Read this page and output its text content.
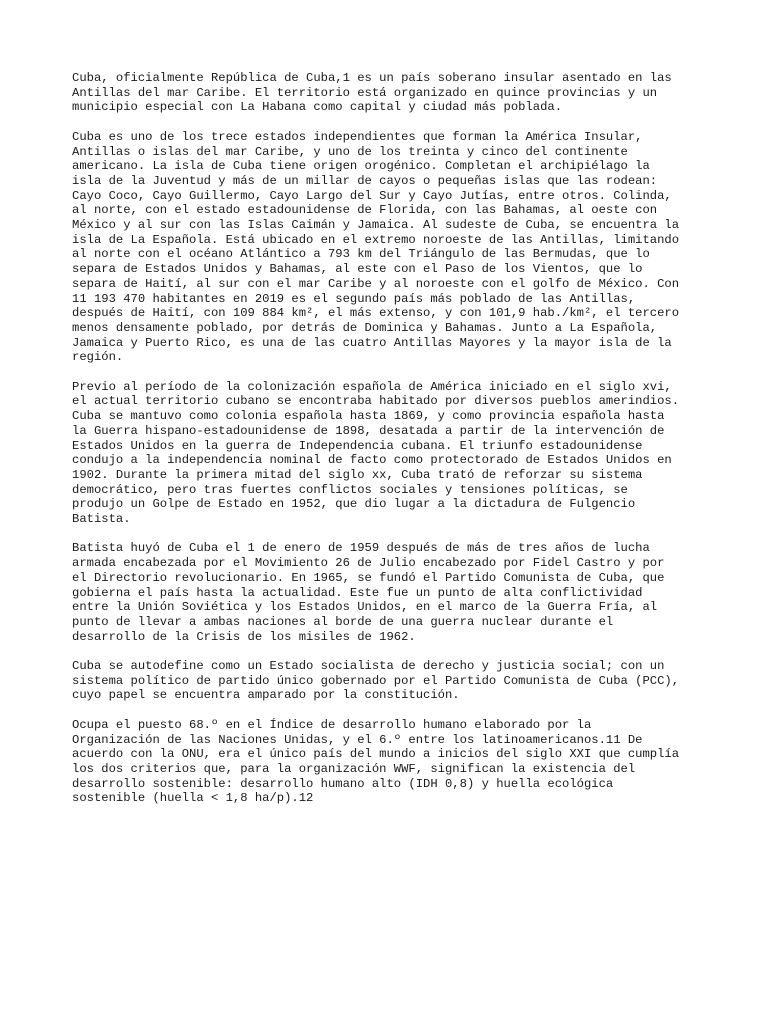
Cuba, oficialmente República de Cuba,1 es un país soberano insular asentado en las
Antillas del mar Caribe. El territorio está organizado en quince provincias y un
municipio especial con La Habana como capital y ciudad más poblada.

Cuba es uno de los trece estados independientes que forman la América Insular,
Antillas o islas del mar Caribe, y uno de los treinta y cinco del continente
americano. La isla de Cuba tiene origen orogénico. Completan el archipiélago la
isla de la Juventud y más de un millar de cayos o pequeñas islas que las rodean:
Cayo Coco, Cayo Guillermo, Cayo Largo del Sur y Cayo Jutías, entre otros. Colinda,
al norte, con el estado estadounidense de Florida, con las Bahamas, al oeste con
México y al sur con las Islas Caimán y Jamaica. Al sudeste de Cuba, se encuentra la
isla de La Española. Está ubicado en el extremo noroeste de las Antillas, limitando
al norte con el océano Atlántico a 793 km del Triángulo de las Bermudas, que lo
separa de Estados Unidos y Bahamas, al este con el Paso de los Vientos, que lo
separa de Haití, al sur con el mar Caribe y al noroeste con el golfo de México. Con
11 193 470 habitantes en 2019 es el segundo país más poblado de las Antillas,
después de Haití, con 109 884 km², el más extenso, y con 101,9 hab./km², el tercero
menos densamente poblado, por detrás de Dominica y Bahamas. Junto a La Española,
Jamaica y Puerto Rico, es una de las cuatro Antillas Mayores y la mayor isla de la
región.

Previo al período de la colonización española de América iniciado en el siglo xvi,
el actual territorio cubano se encontraba habitado por diversos pueblos amerindios.
Cuba se mantuvo como colonia española hasta 1869, y como provincia española hasta
la Guerra hispano-estadounidense de 1898, desatada a partir de la intervención de
Estados Unidos en la guerra de Independencia cubana. El triunfo estadounidense
condujo a la independencia nominal de facto como protectorado de Estados Unidos en
1902. Durante la primera mitad del siglo xx, Cuba trató de reforzar su sistema
democrático, pero tras fuertes conflictos sociales y tensiones políticas, se
produjo un Golpe de Estado en 1952, que dio lugar a la dictadura de Fulgencio
Batista.

Batista huyó de Cuba el 1 de enero de 1959 después de más de tres años de lucha
armada encabezada por el Movimiento 26 de Julio encabezado por Fidel Castro y por
el Directorio revolucionario. En 1965, se fundó el Partido Comunista de Cuba, que
gobierna el país hasta la actualidad. Este fue un punto de alta conflictividad
entre la Unión Soviética y los Estados Unidos, en el marco de la Guerra Fría, al
punto de llevar a ambas naciones al borde de una guerra nuclear durante el
desarrollo de la Crisis de los misiles de 1962.

Cuba se autodefine como un Estado socialista de derecho y justicia social; con un
sistema político de partido único gobernado por el Partido Comunista de Cuba (PCC),
cuyo papel se encuentra amparado por la constitución.

Ocupa el puesto 68.º en el Índice de desarrollo humano elaborado por la
Organización de las Naciones Unidas, y el 6.º entre los latinoamericanos.11 De
acuerdo con la ONU, era el único país del mundo a inicios del siglo XXI que cumplía
los dos criterios que, para la organización WWF, significan la existencia del
desarrollo sostenible: desarrollo humano alto (IDH 0,8) y huella ecológica
sostenible (huella < 1,8 ha/p).12
